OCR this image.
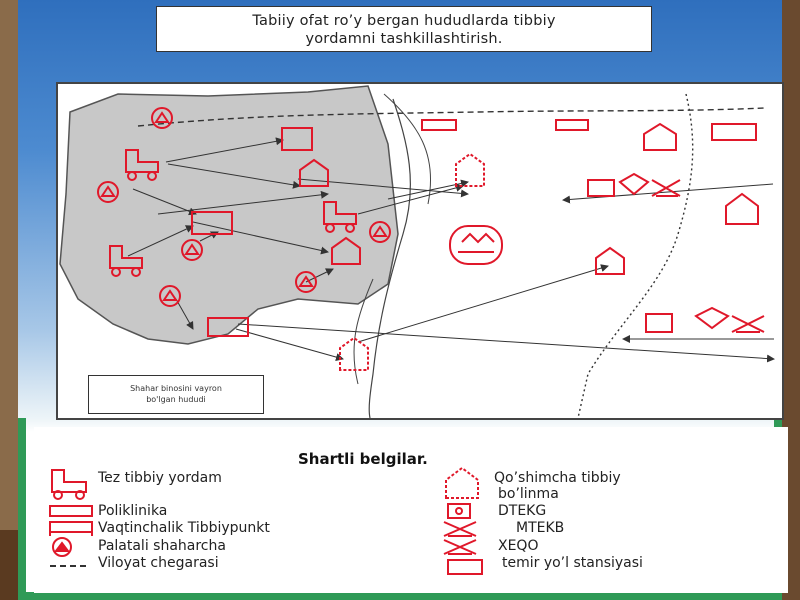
Tabiiy ofat ro’y bergan hududlarda tibbiy
yordamni tashkillashtirish.
Shahar binosini vayron
bo'lgan hududi
Shartli belgilar.
Tez tibbiy yordam
Poliklinika
Vaqtinchalik Tibbiypunkt
Palatali shaharcha
Viloyat chegarasi
Qo’shimcha tibbiy
bo’linma
DTEKG
MTEKB
XEQO
temir yo’l stansiyasi
